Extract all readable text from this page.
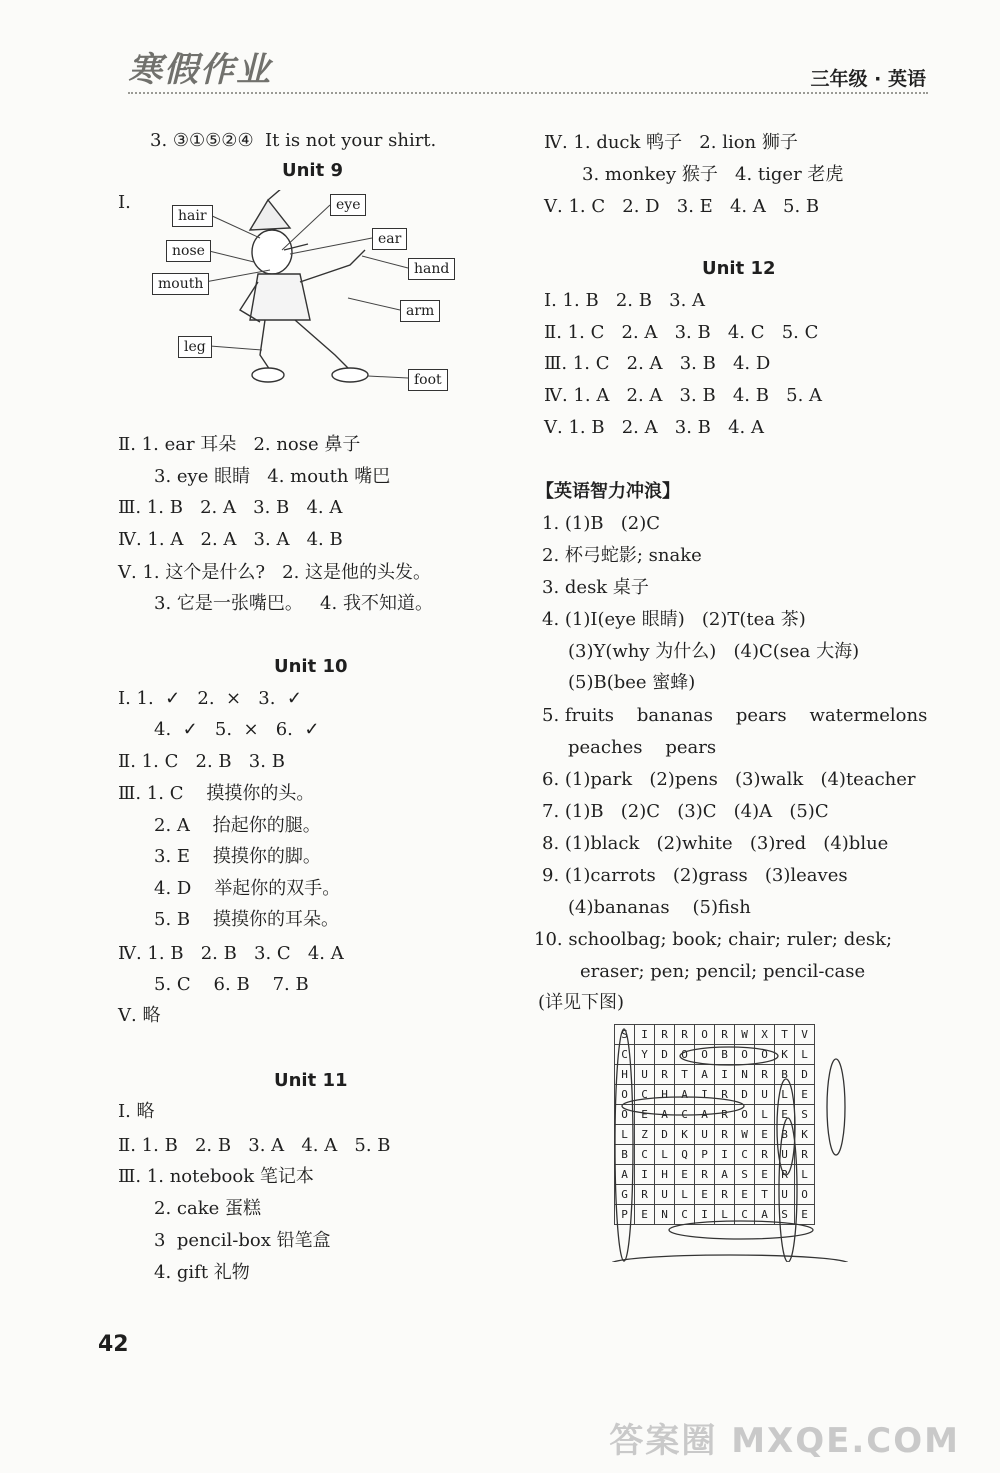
寒假作业	三年级 · 英语
3. ③①⑤②④  It is not your shirt.
Unit 9
Ⅰ.
hair
eye
ear
nose
hand
mouth
arm
leg
foot
Ⅱ. 1. ear 耳朵   2. nose 鼻子
3. eye 眼睛   4. mouth 嘴巴
Ⅲ. 1. B   2. A   3. B   4. A
Ⅳ. 1. A   2. A   3. A   4. B
Ⅴ. 1. 这个是什么?   2. 这是他的头发。
3. 它是一张嘴巴。   4. 我不知道。
Unit 10
Ⅰ. 1.  ✓   2.  ×   3.  ✓
4.  ✓   5.  ×   6.  ✓
Ⅱ. 1. C   2. B   3. B
Ⅲ. 1. C    摸摸你的头。
2. A    抬起你的腿。
3. E    摸摸你的脚。
4. D    举起你的双手。
5. B    摸摸你的耳朵。
Ⅳ. 1. B   2. B   3. C   4. A
5. C    6. B    7. B
Ⅴ. 略
Unit 11
Ⅰ. 略
Ⅱ. 1. B   2. B   3. A   4. A   5. B
Ⅲ. 1. notebook 笔记本
2. cake 蛋糕
3  pencil-box 铅笔盒
4. gift 礼物
Ⅳ. 1. duck 鸭子   2. lion 狮子
3. monkey 猴子   4. tiger 老虎
Ⅴ. 1. C   2. D   3. E   4. A   5. B
Unit 12
Ⅰ. 1. B   2. B   3. A
Ⅱ. 1. C   2. A   3. B   4. C   5. C
Ⅲ. 1. C   2. A   3. B   4. D
Ⅳ. 1. A   2. A   3. B   4. B   5. A
Ⅴ. 1. B   2. A   3. B   4. A
【英语智力冲浪】
1. (1)B   (2)C
2. 杯弓蛇影; snake
3. desk 桌子
4. (1)I(eye 眼睛)   (2)T(tea 茶)
(3)Y(why 为什么)   (4)C(sea 大海)
(5)B(bee 蜜蜂)
5. fruits    bananas    pears    watermelons
peaches    pears
6. (1)park   (2)pens   (3)walk   (4)teacher
7. (1)B   (2)C   (3)C   (4)A   (5)C
8. (1)black   (2)white   (3)red   (4)blue
9. (1)carrots   (2)grass   (3)leaves
(4)bananas    (5)fish
10. schoolbag; book; chair; ruler; desk;
eraser; pen; pencil; pencil-case
(详见下图)
S	I	R	R	O	R	W	X	T	V
C	Y	D	O	O	B	O	O	K	L
H	U	R	T	A	I	N	R	B	D
O	C	H	A	I	R	D	U	L	E
O	E	A	C	A	R	O	L	E	S
L	Z	D	K	U	R	W	E	B	K
B	C	L	Q	P	I	C	R	U	R
A	I	H	E	R	A	S	E	R	L
G	R	U	L	E	R	E	T	U	O
P	E	N	C	I	L	C	A	S	E
42
答案圈 MXQE.COM
